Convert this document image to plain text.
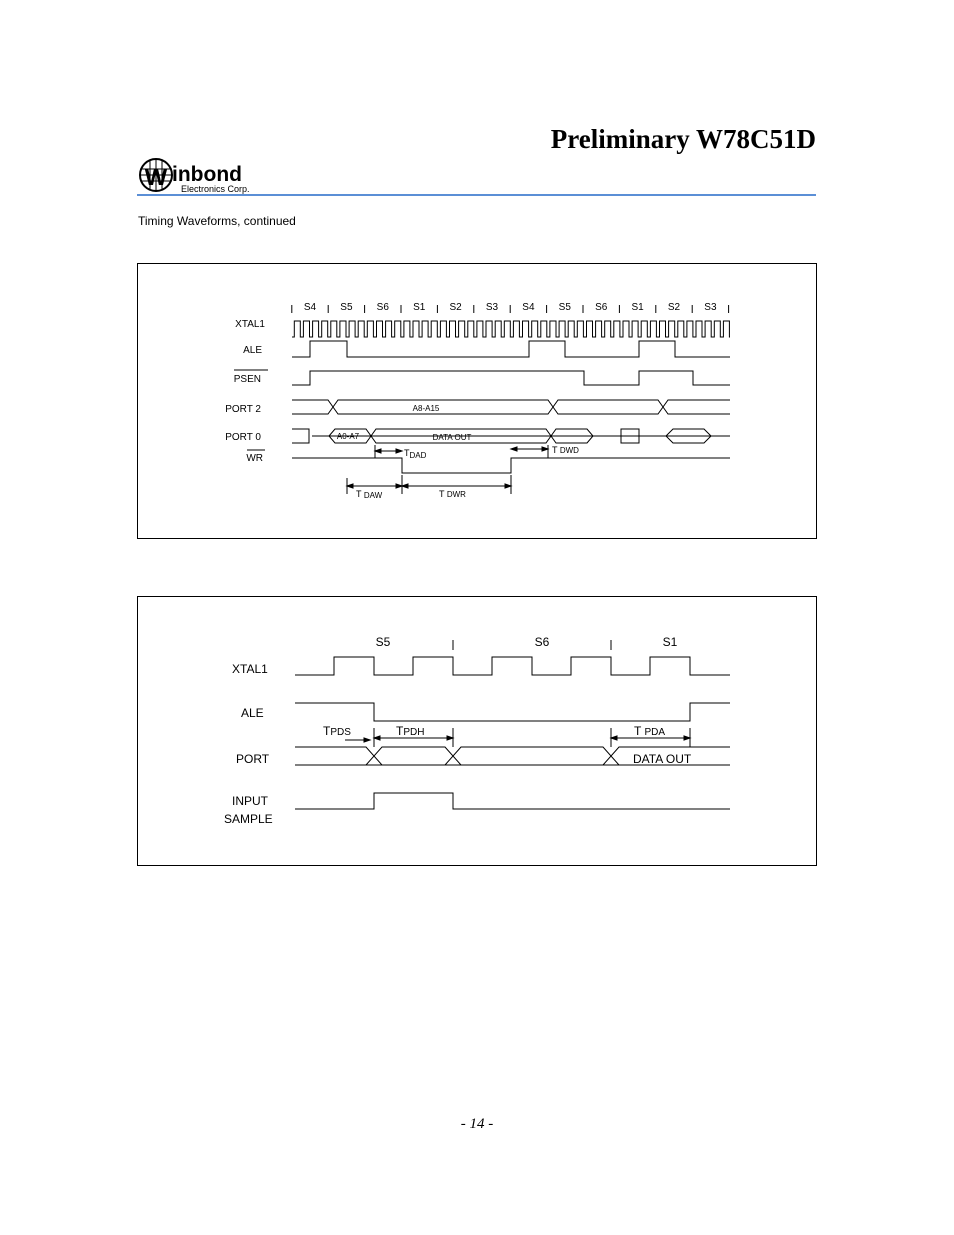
Preliminary W78C51D
W inbond
Electronics Corp.
Timing Waveforms, continued
S4 S5 S6 S1 S2 S3 S4 S5 S6 S1 S2 S3
XTAL1
ALE
PSEN
PORT 2
PORT 0
WR
A8-A15
A0-A7	DATA OUT
TDAD
T DWD
T DAW	T DWR
S5	S6	S1
XTAL1
ALE
PORT
INPUT
SAMPLE
TPDS	TPDH	T PDA
DATA OUT
- 14 -
